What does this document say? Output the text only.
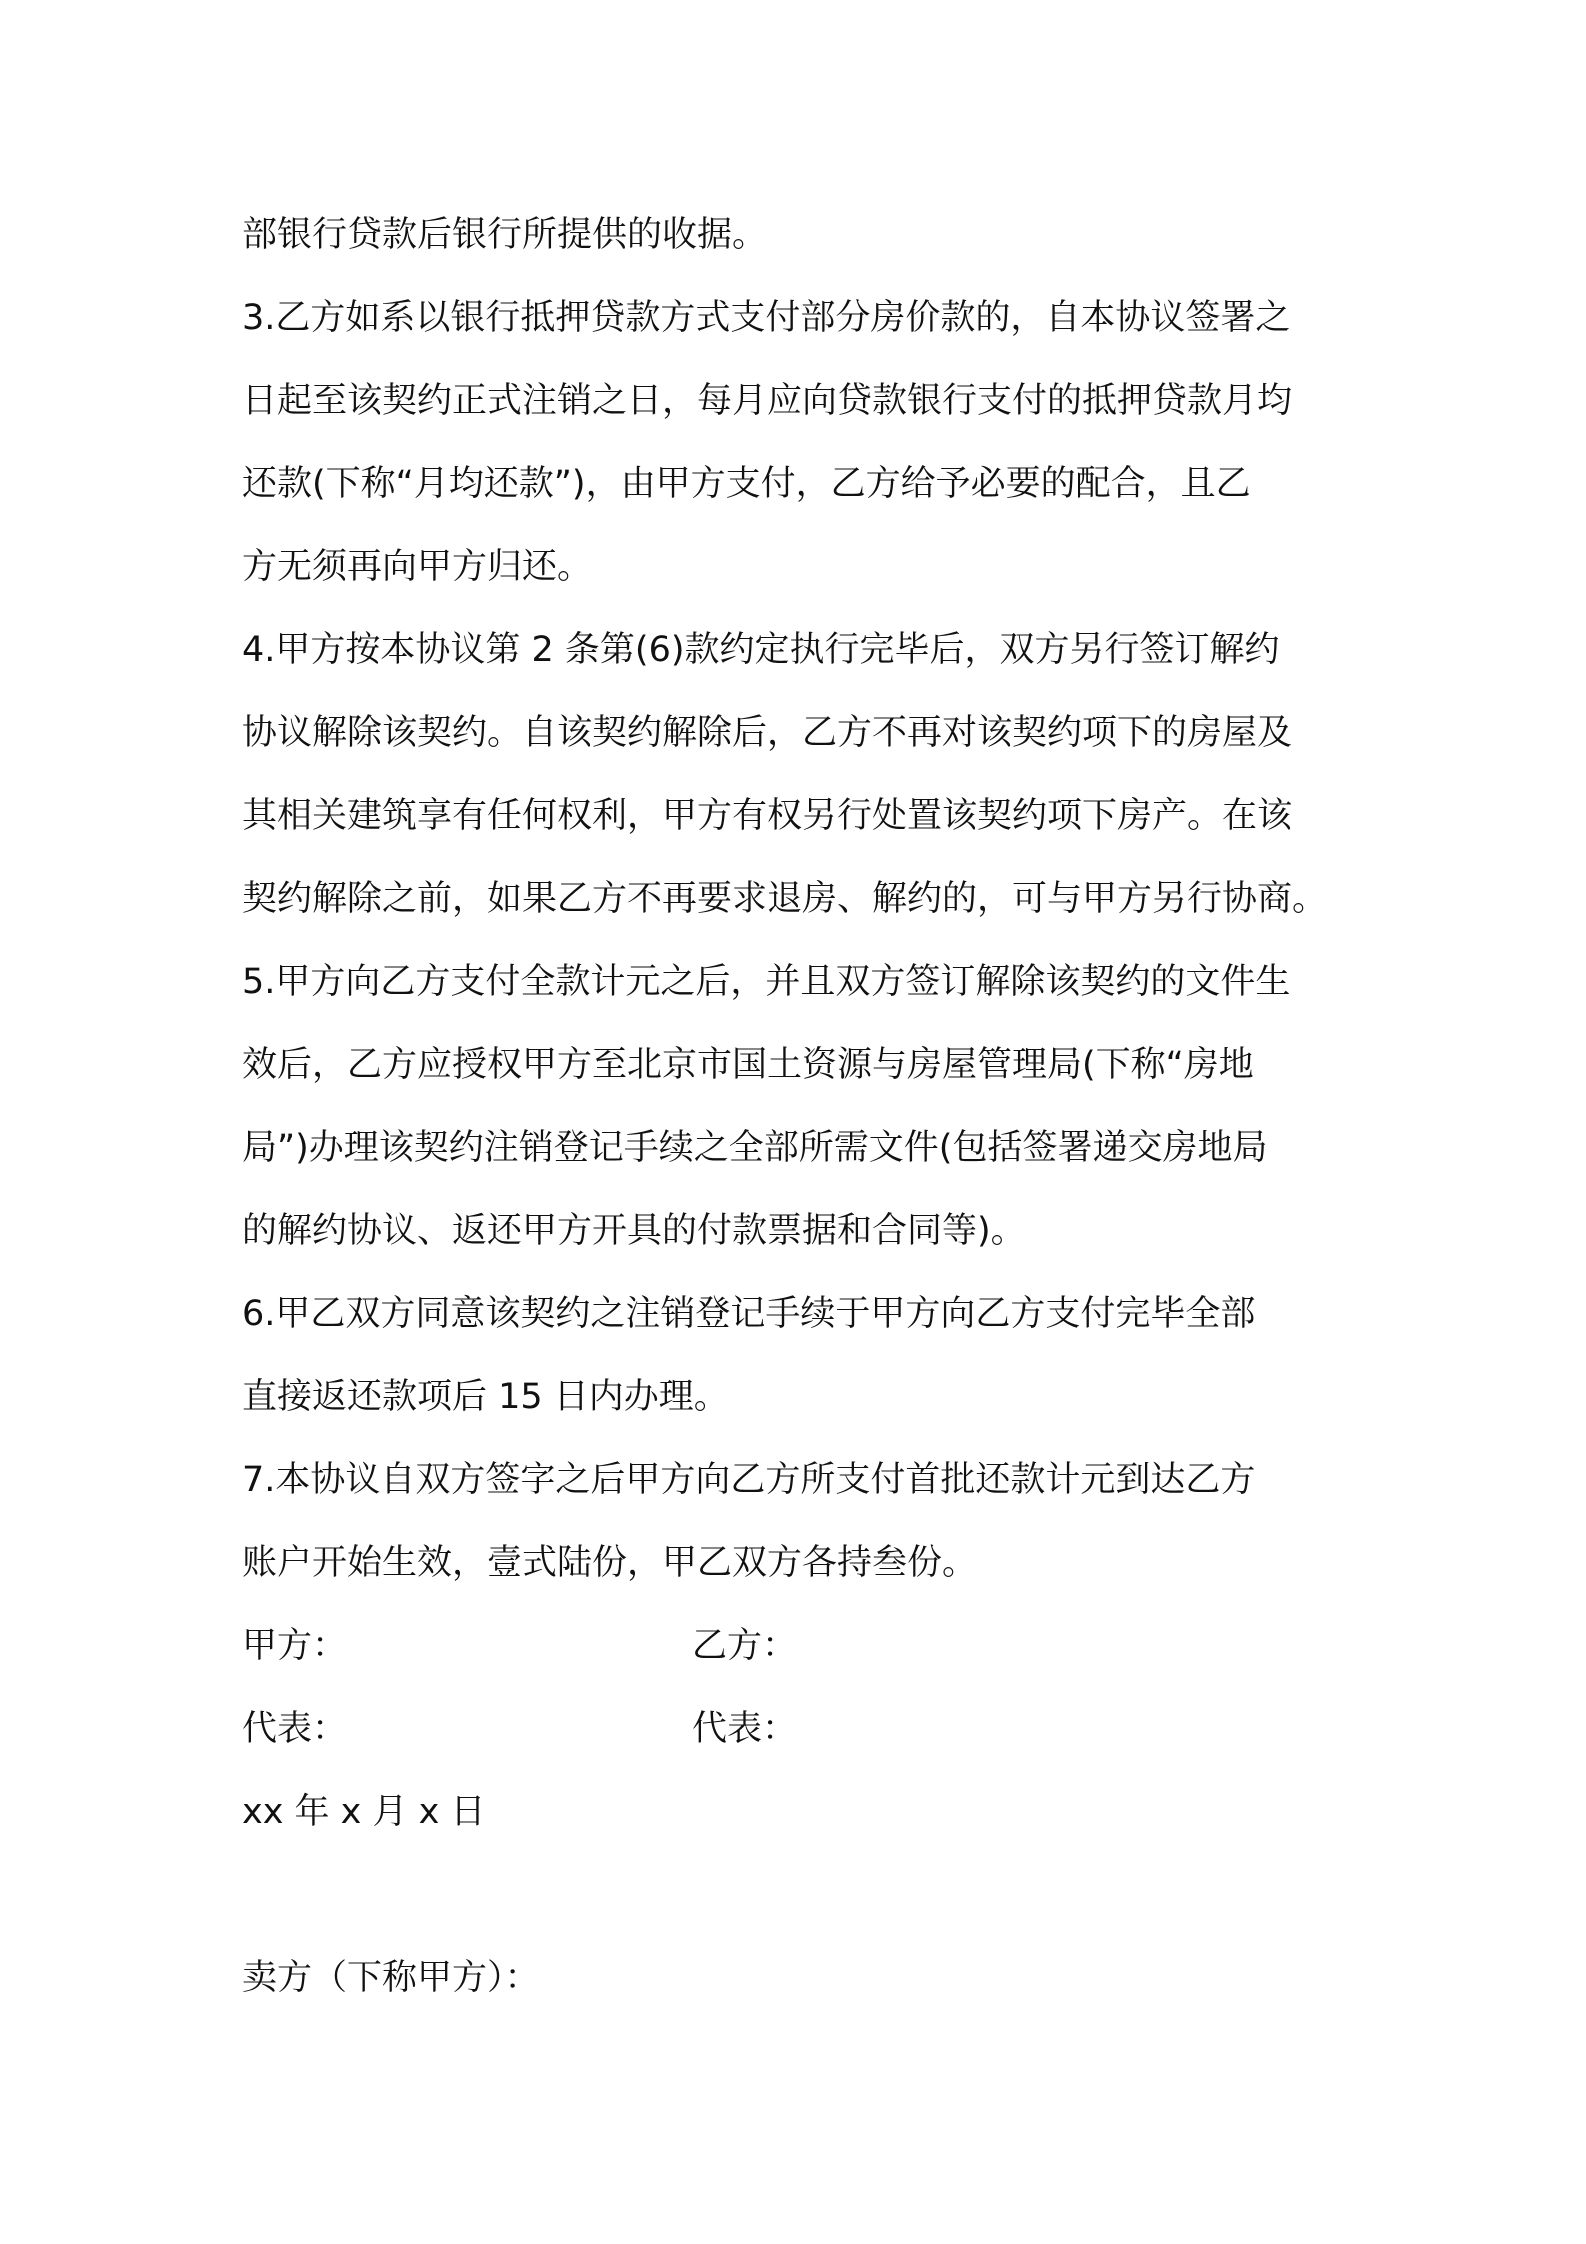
部银行贷款后银行所提供的收据。
3.乙方如系以银行抵押贷款方式支付部分房价款的，自本协议签署之
日起至该契约正式注销之日，每月应向贷款银行支付的抵押贷款月均
还款(下称“月均还款”)，由甲方支付，乙方给予必要的配合，且乙
方无须再向甲方归还。
4.甲方按本协议第 2 条第(6)款约定执行完毕后，双方另行签订解约
协议解除该契约。自该契约解除后，乙方不再对该契约项下的房屋及
其相关建筑享有任何权利，甲方有权另行处置该契约项下房产。在该
契约解除之前，如果乙方不再要求退房、解约的，可与甲方另行协商。
5.甲方向乙方支付全款计元之后，并且双方签订解除该契约的文件生
效后，乙方应授权甲方至北京市国土资源与房屋管理局(下称“房地
局”)办理该契约注销登记手续之全部所需文件(包括签署递交房地局
的解约协议、返还甲方开具的付款票据和合同等)。
6.甲乙双方同意该契约之注销登记手续于甲方向乙方支付完毕全部
直接返还款项后 15 日内办理。
7.本协议自双方签字之后甲方向乙方所支付首批还款计元到达乙方
账户开始生效，壹式陆份，甲乙双方各持叁份。
甲方：	乙方：
代表：	代表：
xx 年 x 月 x 日
卖方（下称甲方）：
